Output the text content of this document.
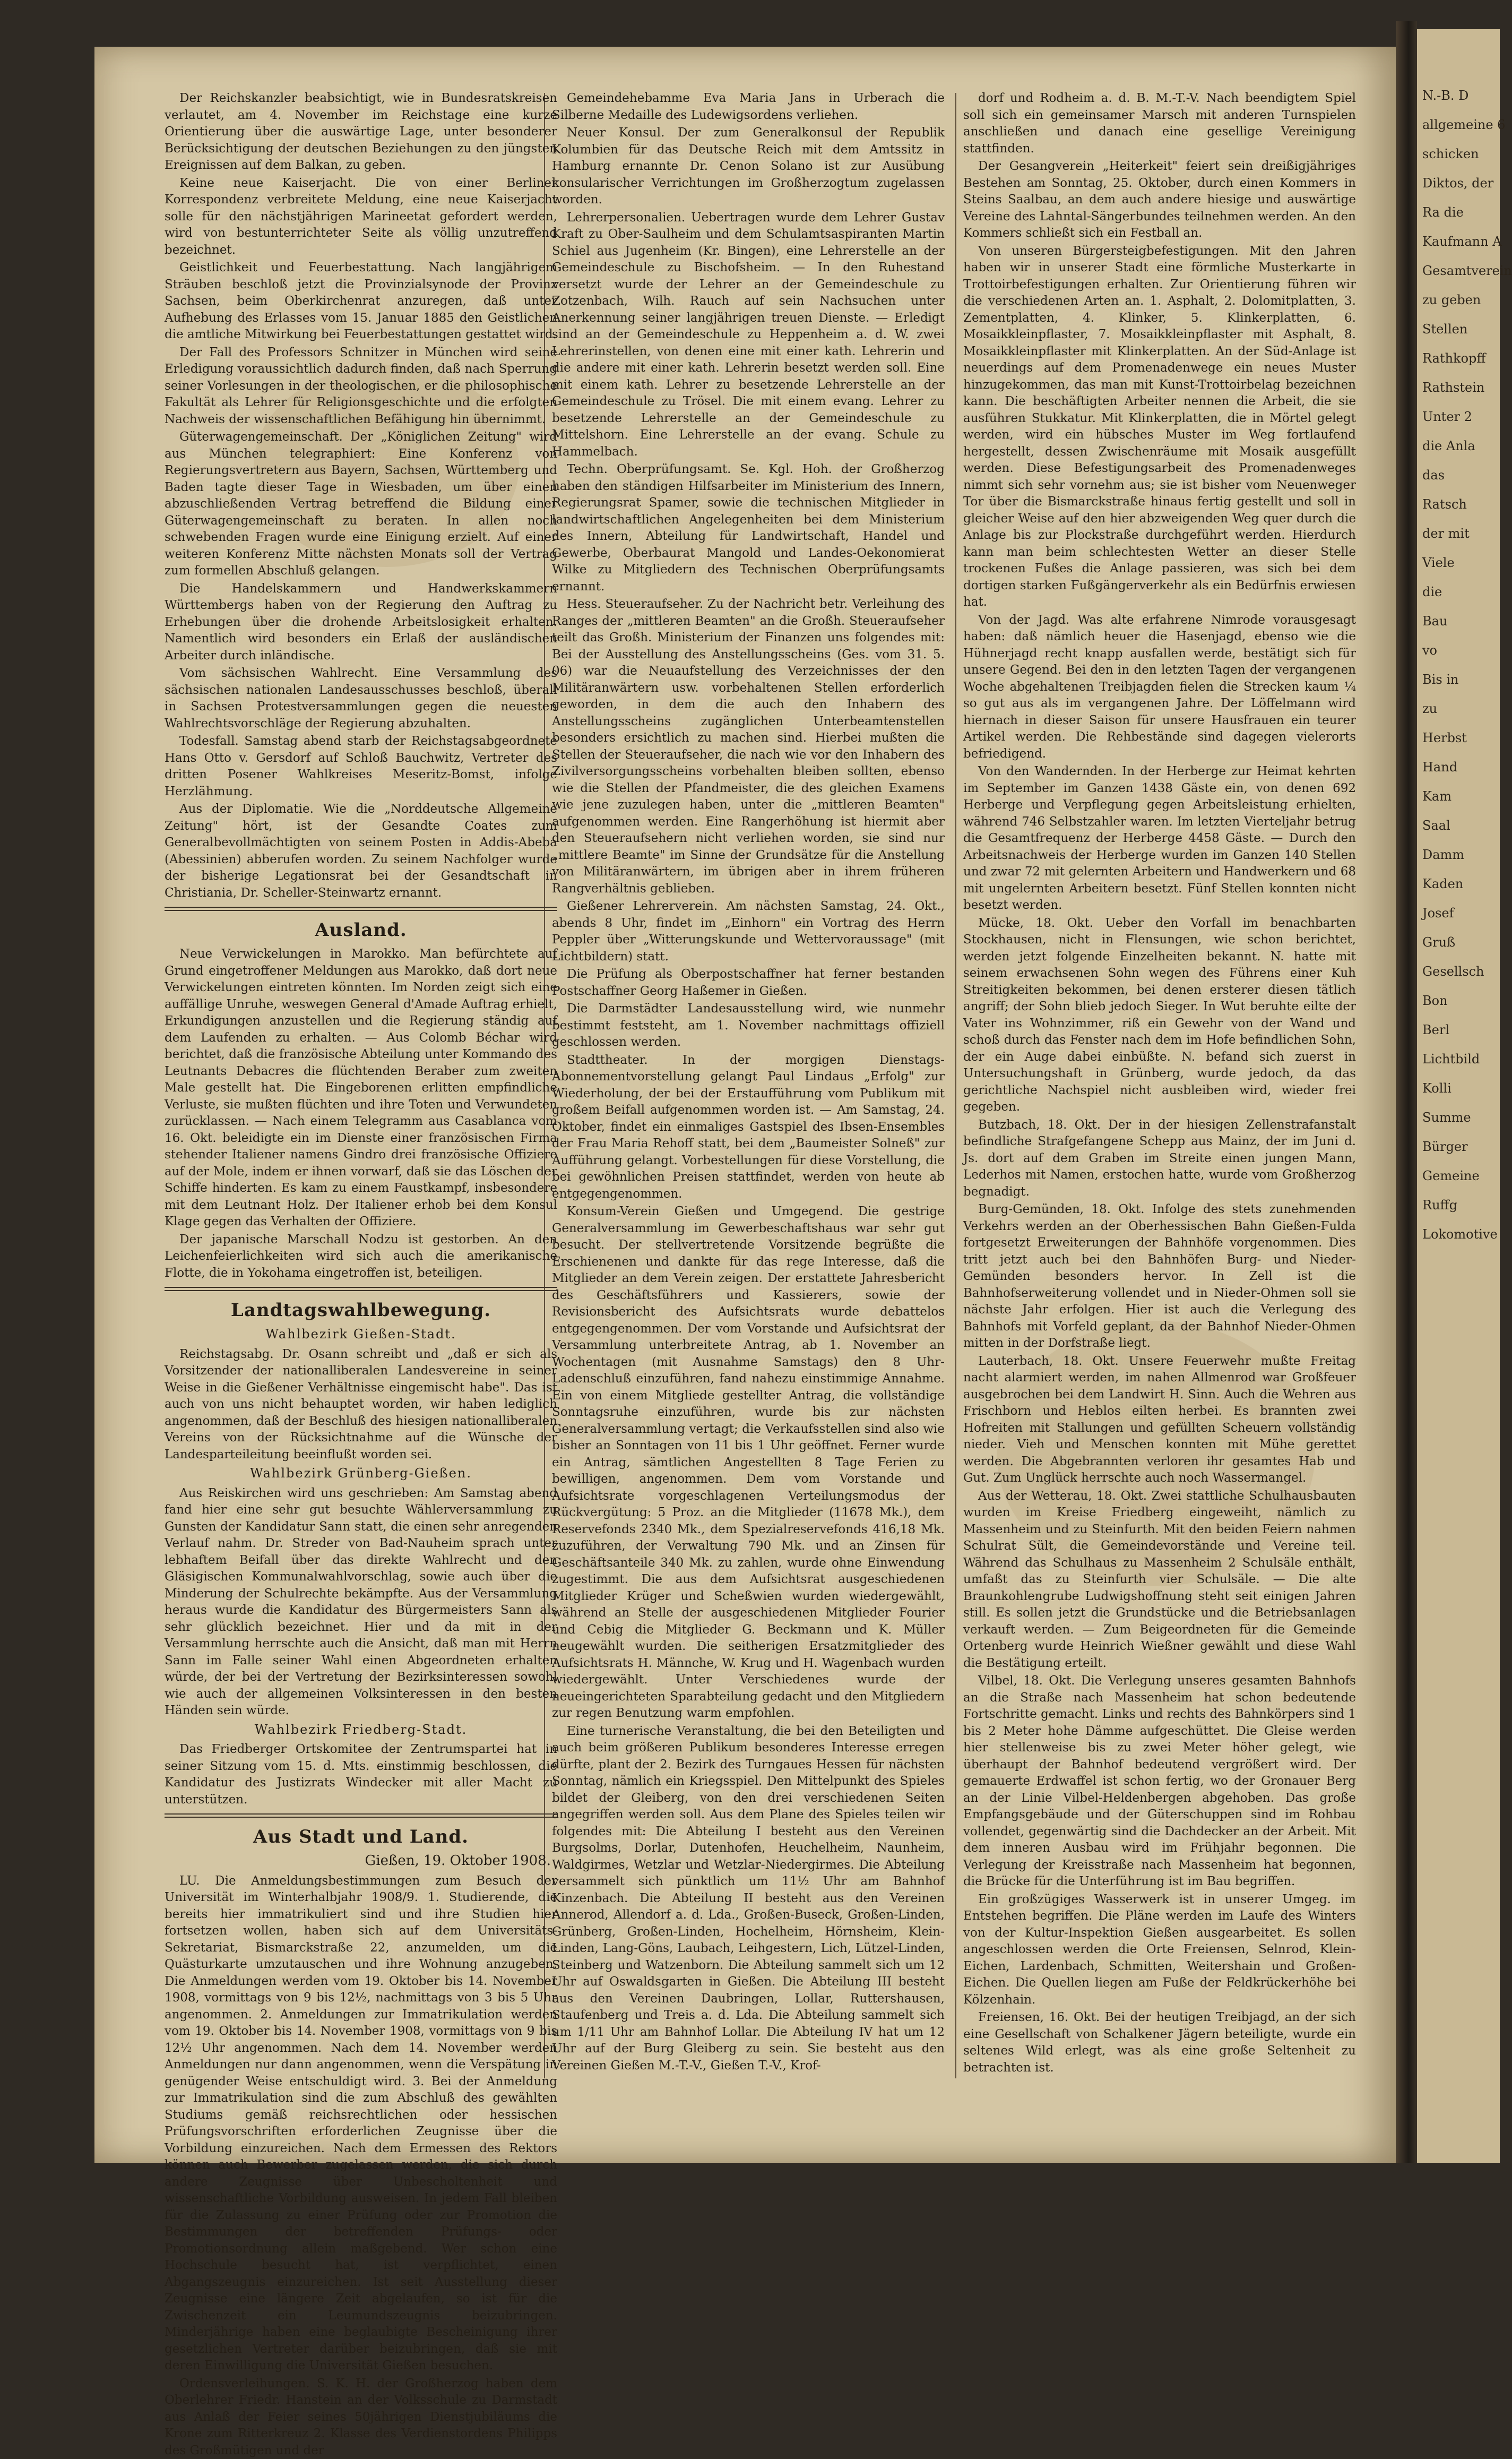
Der Reichskanzler beabsichtigt, wie in Bundesratskreisen verlautet, am 4. November im Reichstage eine kurze Orientierung über die auswärtige Lage, unter besonderer Berücksichtigung der deutschen Beziehungen zu den jüngsten Ereignissen auf dem Balkan, zu geben.

Keine neue Kaiserjacht. Die von einer Berliner Korrespondenz verbreitete Meldung, eine neue Kaiserjacht solle für den nächstjährigen Marineetat gefordert werden, wird von bestunterrichteter Seite als völlig unzutreffend bezeichnet.

Geistlichkeit und Feuerbestattung. Nach langjährigem Sträuben beschloß jetzt die Provinzialsynode der Provinz Sachsen, beim Oberkirchenrat anzuregen, daß unter Aufhebung des Erlasses vom 15. Januar 1885 den Geistlichen die amtliche Mitwirkung bei Feuerbestattungen gestattet wird.

Der Fall des Professors Schnitzer in München wird seine Erledigung voraussichtlich dadurch finden, daß nach Sperrung seiner Vorlesungen in der theologischen, er die philosophische Fakultät als Lehrer für Religionsgeschichte und die erfolgten Nachweis der wissenschaftlichen Befähigung hin übernimmt.

Güterwagengemeinschaft. Der „Königlichen Zeitung" wird aus München telegraphiert: Eine Konferenz von Regierungsvertretern aus Bayern, Sachsen, Württemberg und Baden tagte dieser Tage in Wiesbaden, um über einen abzuschließenden Vertrag betreffend die Bildung einer Güterwagengemeinschaft zu beraten. In allen noch schwebenden Fragen wurde eine Einigung erzielt. Auf einer weiteren Konferenz Mitte nächsten Monats soll der Vertrag zum formellen Abschluß gelangen.

Die Handelskammern und Handwerkskammern Württembergs haben von der Regierung den Auftrag zu Erhebungen über die drohende Arbeitslosigkeit erhalten. Namentlich wird besonders ein Erlaß der ausländischen Arbeiter durch inländische.

Vom sächsischen Wahlrecht. Eine Versammlung des sächsischen nationalen Landesausschusses beschloß, überall in Sachsen Protestversammlungen gegen die neuesten Wahlrechtsvorschläge der Regierung abzuhalten.

Todesfall. Samstag abend starb der Reichstagsabgeordnete Hans Otto v. Gersdorf auf Schloß Bauchwitz, Vertreter des dritten Posener Wahlkreises Meseritz-Bomst, infolge Herzlähmung.

Aus der Diplomatie. Wie die „Norddeutsche Allgemeine Zeitung" hört, ist der Gesandte Coates zum Generalbevollmächtigten von seinem Posten in Addis-Abeba (Abessinien) abberufen worden. Zu seinem Nachfolger wurde der bisherige Legationsrat bei der Gesandtschaft in Christiania, Dr. Scheller-Steinwartz ernannt.

Ausland.

Neue Verwickelungen in Marokko. Man befürchtete auf Grund eingetroffener Meldungen aus Marokko, daß dort neue Verwickelungen eintreten könnten. Im Norden zeigt sich eine auffällige Unruhe, weswegen General d'Amade Auftrag erhielt, Erkundigungen anzustellen und die Regierung ständig auf dem Laufenden zu erhalten. — Aus Colomb Béchar wird berichtet, daß die französische Abteilung unter Kommando des Leutnants Debacres die flüchtenden Beraber zum zweiten Male gestellt hat. Die Eingeborenen erlitten empfindliche Verluste, sie mußten flüchten und ihre Toten und Verwundeten zurücklassen. — Nach einem Telegramm aus Casablanca vom 16. Okt. beleidigte ein im Dienste einer französischen Firma stehender Italiener namens Gindro drei französische Offiziere auf der Mole, indem er ihnen vorwarf, daß sie das Löschen der Schiffe hinderten. Es kam zu einem Faustkampf, insbesondere mit dem Leutnant Holz. Der Italiener erhob bei dem Konsul Klage gegen das Verhalten der Offiziere.

Der japanische Marschall Nodzu ist gestorben. An den Leichenfeierlichkeiten wird sich auch die amerikanische Flotte, die in Yokohama eingetroffen ist, beteiligen.

Landtagswahlbewegung.
Wahlbezirk Gießen-Stadt.

Reichstagsabg. Dr. Osann schreibt und „daß er sich als Vorsitzender der nationalliberalen Landesvereine in seiner Weise in die Gießener Verhältnisse eingemischt habe". Das ist auch von uns nicht behauptet worden, wir haben lediglich angenommen, daß der Beschluß des hiesigen nationalliberalen Vereins von der Rücksichtnahme auf die Wünsche der Landesparteileitung beeinflußt worden sei.

Wahlbezirk Grünberg-Gießen.

Aus Reiskirchen wird uns geschrieben: Am Samstag abend fand hier eine sehr gut besuchte Wählerversammlung zu Gunsten der Kandidatur Sann statt, die einen sehr anregenden Verlauf nahm. Dr. Streder von Bad-Nauheim sprach unter lebhaftem Beifall über das direkte Wahlrecht und den Gläsigischen Kommunalwahlvorschlag, sowie auch über die Minderung der Schulrechte bekämpfte. Aus der Versammlung heraus wurde die Kandidatur des Bürgermeisters Sann als sehr glücklich bezeichnet. Hier und da mit in der Versammlung herrschte auch die Ansicht, daß man mit Herrn Sann im Falle seiner Wahl einen Abgeordneten erhalten würde, der bei der Vertretung der Bezirksinteressen sowohl wie auch der allgemeinen Volksinteressen in den besten Händen sein würde.

Wahlbezirk Friedberg-Stadt.

Das Friedberger Ortskomitee der Zentrumspartei hat in seiner Sitzung vom 15. d. Mts. einstimmig beschlossen, die Kandidatur des Justizrats Windecker mit aller Macht zu unterstützen.

Aus Stadt und Land.
Gießen, 19. Oktober 1908.

LU. Die Anmeldungsbestimmungen zum Besuch der Universität im Winterhalbjahr 1908/9. 1. Studierende, die bereits hier immatrikuliert sind und ihre Studien hier fortsetzen wollen, haben sich auf dem Universitäts-Sekretariat, Bismarckstraße 22, anzumelden, um die Quästurkarte umzutauschen und ihre Wohnung anzugeben. Die Anmeldungen werden vom 19. Oktober bis 14. November 1908, vormittags von 9 bis 12½, nachmittags von 3 bis 5 Uhr angenommen. 2. Anmeldungen zur Immatrikulation werden vom 19. Oktober bis 14. November 1908, vormittags von 9 bis 12½ Uhr angenommen. Nach dem 14. November werden Anmeldungen nur dann angenommen, wenn die Verspätung in genügender Weise entschuldigt wird. 3. Bei der Anmeldung zur Immatrikulation sind die zum Abschluß des gewählten Studiums gemäß reichsrechtlichen oder hessischen Prüfungsvorschriften erforderlichen Zeugnisse über die Vorbildung einzureichen. Nach dem Ermessen des Rektors können auch Bewerber zugelassen werden, die sich durch andere Zeugnisse über Unbescholtenheit und wissenschaftliche Vorbildung ausweisen. In jedem Fall bleiben für die Zulassung zu einer Prüfung oder zur Promotion die Bestimmungen der betreffenden Prüfungs- oder Promotionsordnung allein maßgebend. Wer schon eine Hochschule besucht hat, ist verpflichtet, einen Abgangszeugnis einzureichen. Ist seit Ausstellung dieser Zeugnisse eine längere Zeit abgelaufen, so ist für die Zwischenzeit ein Leumundszeugnis beizubringen. Minderjährige haben eine beglaubigte Bescheinigung ihrer gesetzlichen Vertreter darüber beizubringen, daß sie mit deren Einwilligung die Universität Gießen besuchen.

Ordensverleihungen. S. K. H. der Großherzog haben dem Oberlehrer Friedr. Hanstein an der Volksschule zu Darmstadt aus Anlaß der Feier seines 50jährigen Dienstjubiläums die Krone zum Ritterkreuz 2. Klasse des Verdienstordens Philipps des Großmütigen und der

Gemeindehebamme Eva Maria Jans in Urberach die Silberne Medaille des Ludewigsordens verliehen.

Neuer Konsul. Der zum Generalkonsul der Republik Kolumbien für das Deutsche Reich mit dem Amtssitz in Hamburg ernannte Dr. Cenon Solano ist zur Ausübung konsularischer Verrichtungen im Großherzogtum zugelassen worden.

Lehrerpersonalien. Uebertragen wurde dem Lehrer Gustav Kraft zu Ober-Saulheim und dem Schulamtsaspiranten Martin Schiel aus Jugenheim (Kr. Bingen), eine Lehrerstelle an der Gemeindeschule zu Bischofsheim. — In den Ruhestand versetzt wurde der Lehrer an der Gemeindeschule zu Zotzenbach, Wilh. Rauch auf sein Nachsuchen unter Anerkennung seiner langjährigen treuen Dienste. — Erledigt sind an der Gemeindeschule zu Heppenheim a. d. W. zwei Lehrerinstellen, von denen eine mit einer kath. Lehrerin und die andere mit einer kath. Lehrerin besetzt werden soll. Eine mit einem kath. Lehrer zu besetzende Lehrerstelle an der Gemeindeschule zu Trösel. Die mit einem evang. Lehrer zu besetzende Lehrerstelle an der Gemeindeschule zu Mittelshorn. Eine Lehrerstelle an der evang. Schule zu Hammelbach.

Techn. Oberprüfungsamt. Se. Kgl. Hoh. der Großherzog haben den ständigen Hilfsarbeiter im Ministerium des Innern, Regierungsrat Spamer, sowie die technischen Mitglieder in landwirtschaftlichen Angelegenheiten bei dem Ministerium des Innern, Abteilung für Landwirtschaft, Handel und Gewerbe, Oberbaurat Mangold und Landes-Oekonomierat Wilke zu Mitgliedern des Technischen Oberprüfungsamts ernannt.

Hess. Steueraufseher. Zu der Nachricht betr. Verleihung des Ranges der „mittleren Beamten" an die Großh. Steueraufseher teilt das Großh. Ministerium der Finanzen uns folgendes mit: Bei der Ausstellung des Anstellungsscheins (Ges. vom 31. 5. 06) war die Neuaufstellung des Verzeichnisses der den Militäranwärtern usw. vorbehaltenen Stellen erforderlich geworden, in dem die auch den Inhabern des Anstellungsscheins zugänglichen Unterbeamtenstellen besonders ersichtlich zu machen sind. Hierbei mußten die Stellen der Steueraufseher, die nach wie vor den Inhabern des Zivilversorgungsscheins vorbehalten bleiben sollten, ebenso wie die Stellen der Pfandmeister, die des gleichen Examens wie jene zuzulegen haben, unter die „mittleren Beamten" aufgenommen werden. Eine Rangerhöhung ist hiermit aber den Steueraufsehern nicht verliehen worden, sie sind nur „mittlere Beamte" im Sinne der Grundsätze für die Anstellung von Militäranwärtern, im übrigen aber in ihrem früheren Rangverhältnis geblieben.

Gießener Lehrerverein. Am nächsten Samstag, 24. Okt., abends 8 Uhr, findet im „Einhorn" ein Vortrag des Herrn Peppler über „Witterungskunde und Wettervoraussage" (mit Lichtbildern) statt.

Die Prüfung als Oberpostschaffner hat ferner bestanden Postschaffner Georg Haßemer in Gießen.

Die Darmstädter Landesausstellung wird, wie nunmehr bestimmt feststeht, am 1. November nachmittags offiziell geschlossen werden.

Stadttheater. In der morgigen Dienstags-Abonnementvorstellung gelangt Paul Lindaus „Erfolg" zur Wiederholung, der bei der Erstaufführung vom Publikum mit großem Beifall aufgenommen worden ist. — Am Samstag, 24. Oktober, findet ein einmaliges Gastspiel des Ibsen-Ensembles der Frau Maria Rehoff statt, bei dem „Baumeister Solneß" zur Aufführung gelangt. Vorbestellungen für diese Vorstellung, die bei gewöhnlichen Preisen stattfindet, werden von heute ab entgegengenommen.

Konsum-Verein Gießen und Umgegend. Die gestrige Generalversammlung im Gewerbeschaftshaus war sehr gut besucht. Der stellvertretende Vorsitzende begrüßte die Erschienenen und dankte für das rege Interesse, daß die Mitglieder an dem Verein zeigen. Der erstattete Jahresbericht des Geschäftsführers und Kassierers, sowie der Revisionsbericht des Aufsichtsrats wurde debattelos entgegengenommen. Der vom Vorstande und Aufsichtsrat der Versammlung unterbreitete Antrag, ab 1. November an Wochentagen (mit Ausnahme Samstags) den 8 Uhr-Ladenschluß einzuführen, fand nahezu einstimmige Annahme. Ein von einem Mitgliede gestellter Antrag, die vollständige Sonntagsruhe einzuführen, wurde bis zur nächsten Generalversammlung vertagt; die Verkaufsstellen sind also wie bisher an Sonntagen von 11 bis 1 Uhr geöffnet. Ferner wurde ein Antrag, sämtlichen Angestellten 8 Tage Ferien zu bewilligen, angenommen. Dem vom Vorstande und Aufsichtsrate vorgeschlagenen Verteilungsmodus der Rückvergütung: 5 Proz. an die Mitglieder (11678 Mk.), dem Reservefonds 2340 Mk., dem Spezialreservefonds 416,18 Mk. zuzuführen, der Verwaltung 790 Mk. und an Zinsen für Geschäftsanteile 340 Mk. zu zahlen, wurde ohne Einwendung zugestimmt. Die aus dem Aufsichtsrat ausgeschiedenen Mitglieder Krüger und Scheßwien wurden wiedergewählt, während an Stelle der ausgeschiedenen Mitglieder Fourier und Cebig die Mitglieder G. Beckmann und K. Müller neugewählt wurden. Die seitherigen Ersatzmitglieder des Aufsichtsrats H. Männche, W. Krug und H. Wagenbach wurden wiedergewählt. Unter Verschiedenes wurde der neueingerichteten Sparabteilung gedacht und den Mitgliedern zur regen Benutzung warm empfohlen.

Eine turnerische Veranstaltung, die bei den Beteiligten und auch beim größeren Publikum besonderes Interesse erregen dürfte, plant der 2. Bezirk des Turngaues Hessen für nächsten Sonntag, nämlich ein Kriegsspiel. Den Mittelpunkt des Spieles bildet der Gleiberg, von den drei verschiedenen Seiten angegriffen werden soll. Aus dem Plane des Spieles teilen wir folgendes mit: Die Abteilung I besteht aus den Vereinen Burgsolms, Dorlar, Dutenhofen, Heuchelheim, Naunheim, Waldgirmes, Wetzlar und Wetzlar-Niedergirmes. Die Abteilung versammelt sich pünktlich um 11½ Uhr am Bahnhof Kinzenbach. Die Abteilung II besteht aus den Vereinen Annerod, Allendorf a. d. Lda., Großen-Buseck, Großen-Linden, Grünberg, Großen-Linden, Hochelheim, Hörnsheim, Klein-Linden, Lang-Göns, Laubach, Leihgestern, Lich, Lützel-Linden, Steinberg und Watzenborn. Die Abteilung sammelt sich um 12 Uhr auf Oswaldsgarten in Gießen. Die Abteilung III besteht aus den Vereinen Daubringen, Lollar, Ruttershausen, Staufenberg und Treis a. d. Lda. Die Abteilung sammelt sich um 1/11 Uhr am Bahnhof Lollar. Die Abteilung IV hat um 12 Uhr auf der Burg Gleiberg zu sein. Sie besteht aus den Vereinen Gießen M.-T.-V., Gießen T.-V., Krof-

dorf und Rodheim a. d. B. M.-T.-V. Nach beendigtem Spiel soll sich ein gemeinsamer Marsch mit anderen Turnspielen anschließen und danach eine gesellige Vereinigung stattfinden.

Der Gesangverein „Heiterkeit" feiert sein dreißigjähriges Bestehen am Sonntag, 25. Oktober, durch einen Kommers in Steins Saalbau, an dem auch andere hiesige und auswärtige Vereine des Lahntal-Sängerbundes teilnehmen werden. An den Kommers schließt sich ein Festball an.

Von unseren Bürgersteigbefestigungen. Mit den Jahren haben wir in unserer Stadt eine förmliche Musterkarte in Trottoirbefestigungen erhalten. Zur Orientierung führen wir die verschiedenen Arten an. 1. Asphalt, 2. Dolomitplatten, 3. Zementplatten, 4. Klinker, 5. Klinkerplatten, 6. Mosaikkleinpflaster, 7. Mosaikkleinpflaster mit Asphalt, 8. Mosaikkleinpflaster mit Klinkerplatten. An der Süd-Anlage ist neuerdings auf dem Promenadenwege ein neues Muster hinzugekommen, das man mit Kunst-Trottoirbelag bezeichnen kann. Die beschäftigten Arbeiter nennen die Arbeit, die sie ausführen Stukkatur. Mit Klinkerplatten, die in Mörtel gelegt werden, wird ein hübsches Muster im Weg fortlaufend hergestellt, dessen Zwischenräume mit Mosaik ausgefüllt werden. Diese Befestigungsarbeit des Promenadenweges nimmt sich sehr vornehm aus; sie ist bisher vom Neuenweger Tor über die Bismarckstraße hinaus fertig gestellt und soll in gleicher Weise auf den hier abzweigenden Weg quer durch die Anlage bis zur Plockstraße durchgeführt werden. Hierdurch kann man beim schlechtesten Wetter an dieser Stelle trockenen Fußes die Anlage passieren, was sich bei dem dortigen starken Fußgängerverkehr als ein Bedürfnis erwiesen hat.

Von der Jagd. Was alte erfahrene Nimrode vorausgesagt haben: daß nämlich heuer die Hasenjagd, ebenso wie die Hühnerjagd recht knapp ausfallen werde, bestätigt sich für unsere Gegend. Bei den in den letzten Tagen der vergangenen Woche abgehaltenen Treibjagden fielen die Strecken kaum ¼ so gut aus als im vergangenen Jahre. Der Löffelmann wird hiernach in dieser Saison für unsere Hausfrauen ein teurer Artikel werden. Die Rehbestände sind dagegen vielerorts befriedigend.

Von den Wandernden. In der Herberge zur Heimat kehrten im September im Ganzen 1438 Gäste ein, von denen 692 Herberge und Verpflegung gegen Arbeitsleistung erhielten, während 746 Selbstzahler waren. Im letzten Vierteljahr betrug die Gesamtfrequenz der Herberge 4458 Gäste. — Durch den Arbeitsnachweis der Herberge wurden im Ganzen 140 Stellen und zwar 72 mit gelernten Arbeitern und Handwerkern und 68 mit ungelernten Arbeitern besetzt. Fünf Stellen konnten nicht besetzt werden.

Mücke, 18. Okt. Ueber den Vorfall im benachbarten Stockhausen, nicht in Flensungen, wie schon berichtet, werden jetzt folgende Einzelheiten bekannt. N. hatte mit seinem erwachsenen Sohn wegen des Führens einer Kuh Streitigkeiten bekommen, bei denen ersterer diesen tätlich angriff; der Sohn blieb jedoch Sieger. In Wut beruhte eilte der Vater ins Wohnzimmer, riß ein Gewehr von der Wand und schoß durch das Fenster nach dem im Hofe befindlichen Sohn, der ein Auge dabei einbüßte. N. befand sich zuerst in Untersuchungshaft in Grünberg, wurde jedoch, da das gerichtliche Nachspiel nicht ausbleiben wird, wieder frei gegeben.

Butzbach, 18. Okt. Der in der hiesigen Zellenstrafanstalt befindliche Strafgefangene Schepp aus Mainz, der im Juni d. Js. dort auf dem Graben im Streite einen jungen Mann, Lederhos mit Namen, erstochen hatte, wurde vom Großherzog begnadigt.

Burg-Gemünden, 18. Okt. Infolge des stets zunehmenden Verkehrs werden an der Oberhessischen Bahn Gießen-Fulda fortgesetzt Erweiterungen der Bahnhöfe vorgenommen. Dies tritt jetzt auch bei den Bahnhöfen Burg- und Nieder-Gemünden besonders hervor. In Zell ist die Bahnhofserweiterung vollendet und in Nieder-Ohmen soll sie nächste Jahr erfolgen. Hier ist auch die Verlegung des Bahnhofs mit Vorfeld geplant, da der Bahnhof Nieder-Ohmen mitten in der Dorfstraße liegt.

Lauterbach, 18. Okt. Unsere Feuerwehr mußte Freitag nacht alarmiert werden, im nahen Allmenrod war Großfeuer ausgebrochen bei dem Landwirt H. Sinn. Auch die Wehren aus Frischborn und Heblos eilten herbei. Es brannten zwei Hofreiten mit Stallungen und gefüllten Scheuern vollständig nieder. Vieh und Menschen konnten mit Mühe gerettet werden. Die Abgebrannten verloren ihr gesamtes Hab und Gut. Zum Unglück herrschte auch noch Wassermangel.

Aus der Wetterau, 18. Okt. Zwei stattliche Schulhausbauten wurden im Kreise Friedberg eingeweiht, nämlich zu Massenheim und zu Steinfurth. Mit den beiden Feiern nahmen Schulrat Sült, die Gemeindevorstände und Vereine teil. Während das Schulhaus zu Massenheim 2 Schulsäle enthält, umfaßt das zu Steinfurth vier Schulsäle. — Die alte Braunkohlengrube Ludwigshoffnung steht seit einigen Jahren still. Es sollen jetzt die Grundstücke und die Betriebsanlagen verkauft werden. — Zum Beigeordneten für die Gemeinde Ortenberg wurde Heinrich Wießner gewählt und diese Wahl die Bestätigung erteilt.

Vilbel, 18. Okt. Die Verlegung unseres gesamten Bahnhofs an die Straße nach Massenheim hat schon bedeutende Fortschritte gemacht. Links und rechts des Bahnkörpers sind 1 bis 2 Meter hohe Dämme aufgeschüttet. Die Gleise werden hier stellenweise bis zu zwei Meter höher gelegt, wie überhaupt der Bahnhof bedeutend vergrößert wird. Der gemauerte Erdwaffel ist schon fertig, wo der Gronauer Berg an der Linie Vilbel-Heldenbergen abgehoben. Das große Empfangsgebäude und der Güterschuppen sind im Rohbau vollendet, gegenwärtig sind die Dachdecker an der Arbeit. Mit dem inneren Ausbau wird im Frühjahr begonnen. Die Verlegung der Kreisstraße nach Massenheim hat begonnen, die Brücke für die Unterführung ist im Bau begriffen.

Ein großzügiges Wasserwerk ist in unserer Umgeg. im Entstehen begriffen. Die Pläne werden im Laufe des Winters von der Kultur-Inspektion Gießen ausgearbeitet. Es sollen angeschlossen werden die Orte Freiensen, Selnrod, Klein-Eichen, Lardenbach, Schmitten, Weitershain und Großen-Eichen. Die Quellen liegen am Fuße der Feldkrückerhöhe bei Kölzenhain.

Freiensen, 16. Okt. Bei der heutigen Treibjagd, an der sich eine Gesellschaft von Schalkener Jägern beteiligte, wurde ein seltenes Wild erlegt, was als eine große Seltenheit zu betrachten ist.

N.-B. D
allgemeine 6
schicken
Diktos, der
Ra die
Kaufmann A
Gesamtverein
zu geben
Stellen
Rathkopff
Rathstein
Unter 2
die Anla
das
Ratsch
der mit
Viele
die
Bau
vo
Bis in
zu
Herbst
Hand
Kam
Saal
Damm
Kaden
Josef
Gruß
Gesellsch
Bon
Berl
Lichtbild
Kolli
Summe
Bürger
Gemeine
Ruffg
Lokomotive
